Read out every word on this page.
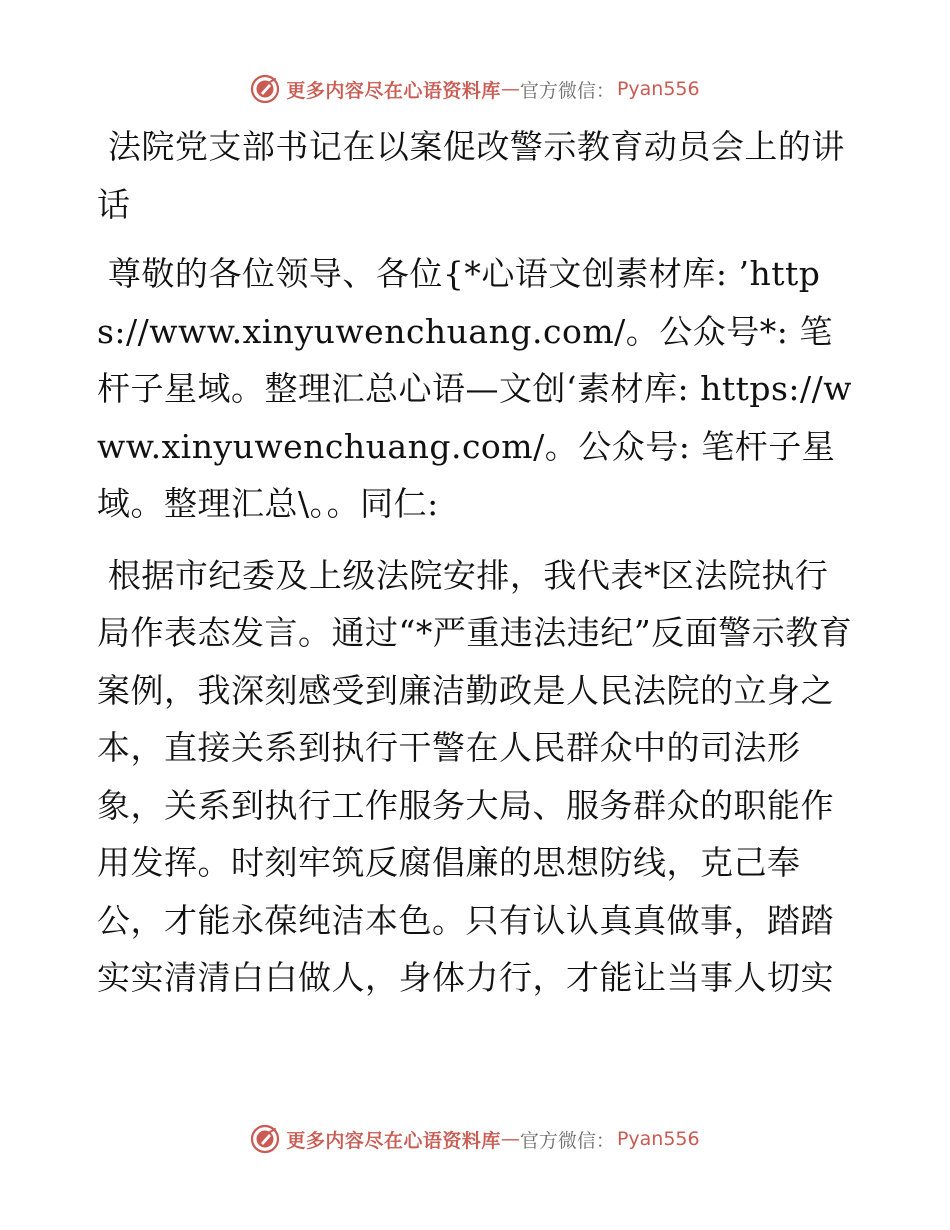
更多内容尽在心语资料库 — 官方微信： Pyan556

法院党支部书记在以案促改警示教育动员会上的讲话

尊敬的各位领导、各位{*心语文创素材库: ’https://www.xinyuwenchuang.com/。公众号*: 笔杆子星域。整理汇总心语—文创‘素材库: https://www.xinyuwenchuang.com/。公众号: 笔杆子星域。整理汇总\。。同仁:

根据市纪委及上级法院安排，我代表*区法院执行局作表态发言。通过“*严重违法违纪”反面警示教育案例，我深刻感受到廉洁勤政是人民法院的立身之本，直接关系到执行干警在人民群众中的司法形象，关系到执行工作服务大局、服务群众的职能作用发挥。时刻牢筑反腐倡廉的思想防线，克己奉公，才能永葆纯洁本色。只有认认真真做事，踏踏实实清清白白做人，身体力行，才能让当事人切实

更多内容尽在心语资料库 — 官方微信： Pyan556
